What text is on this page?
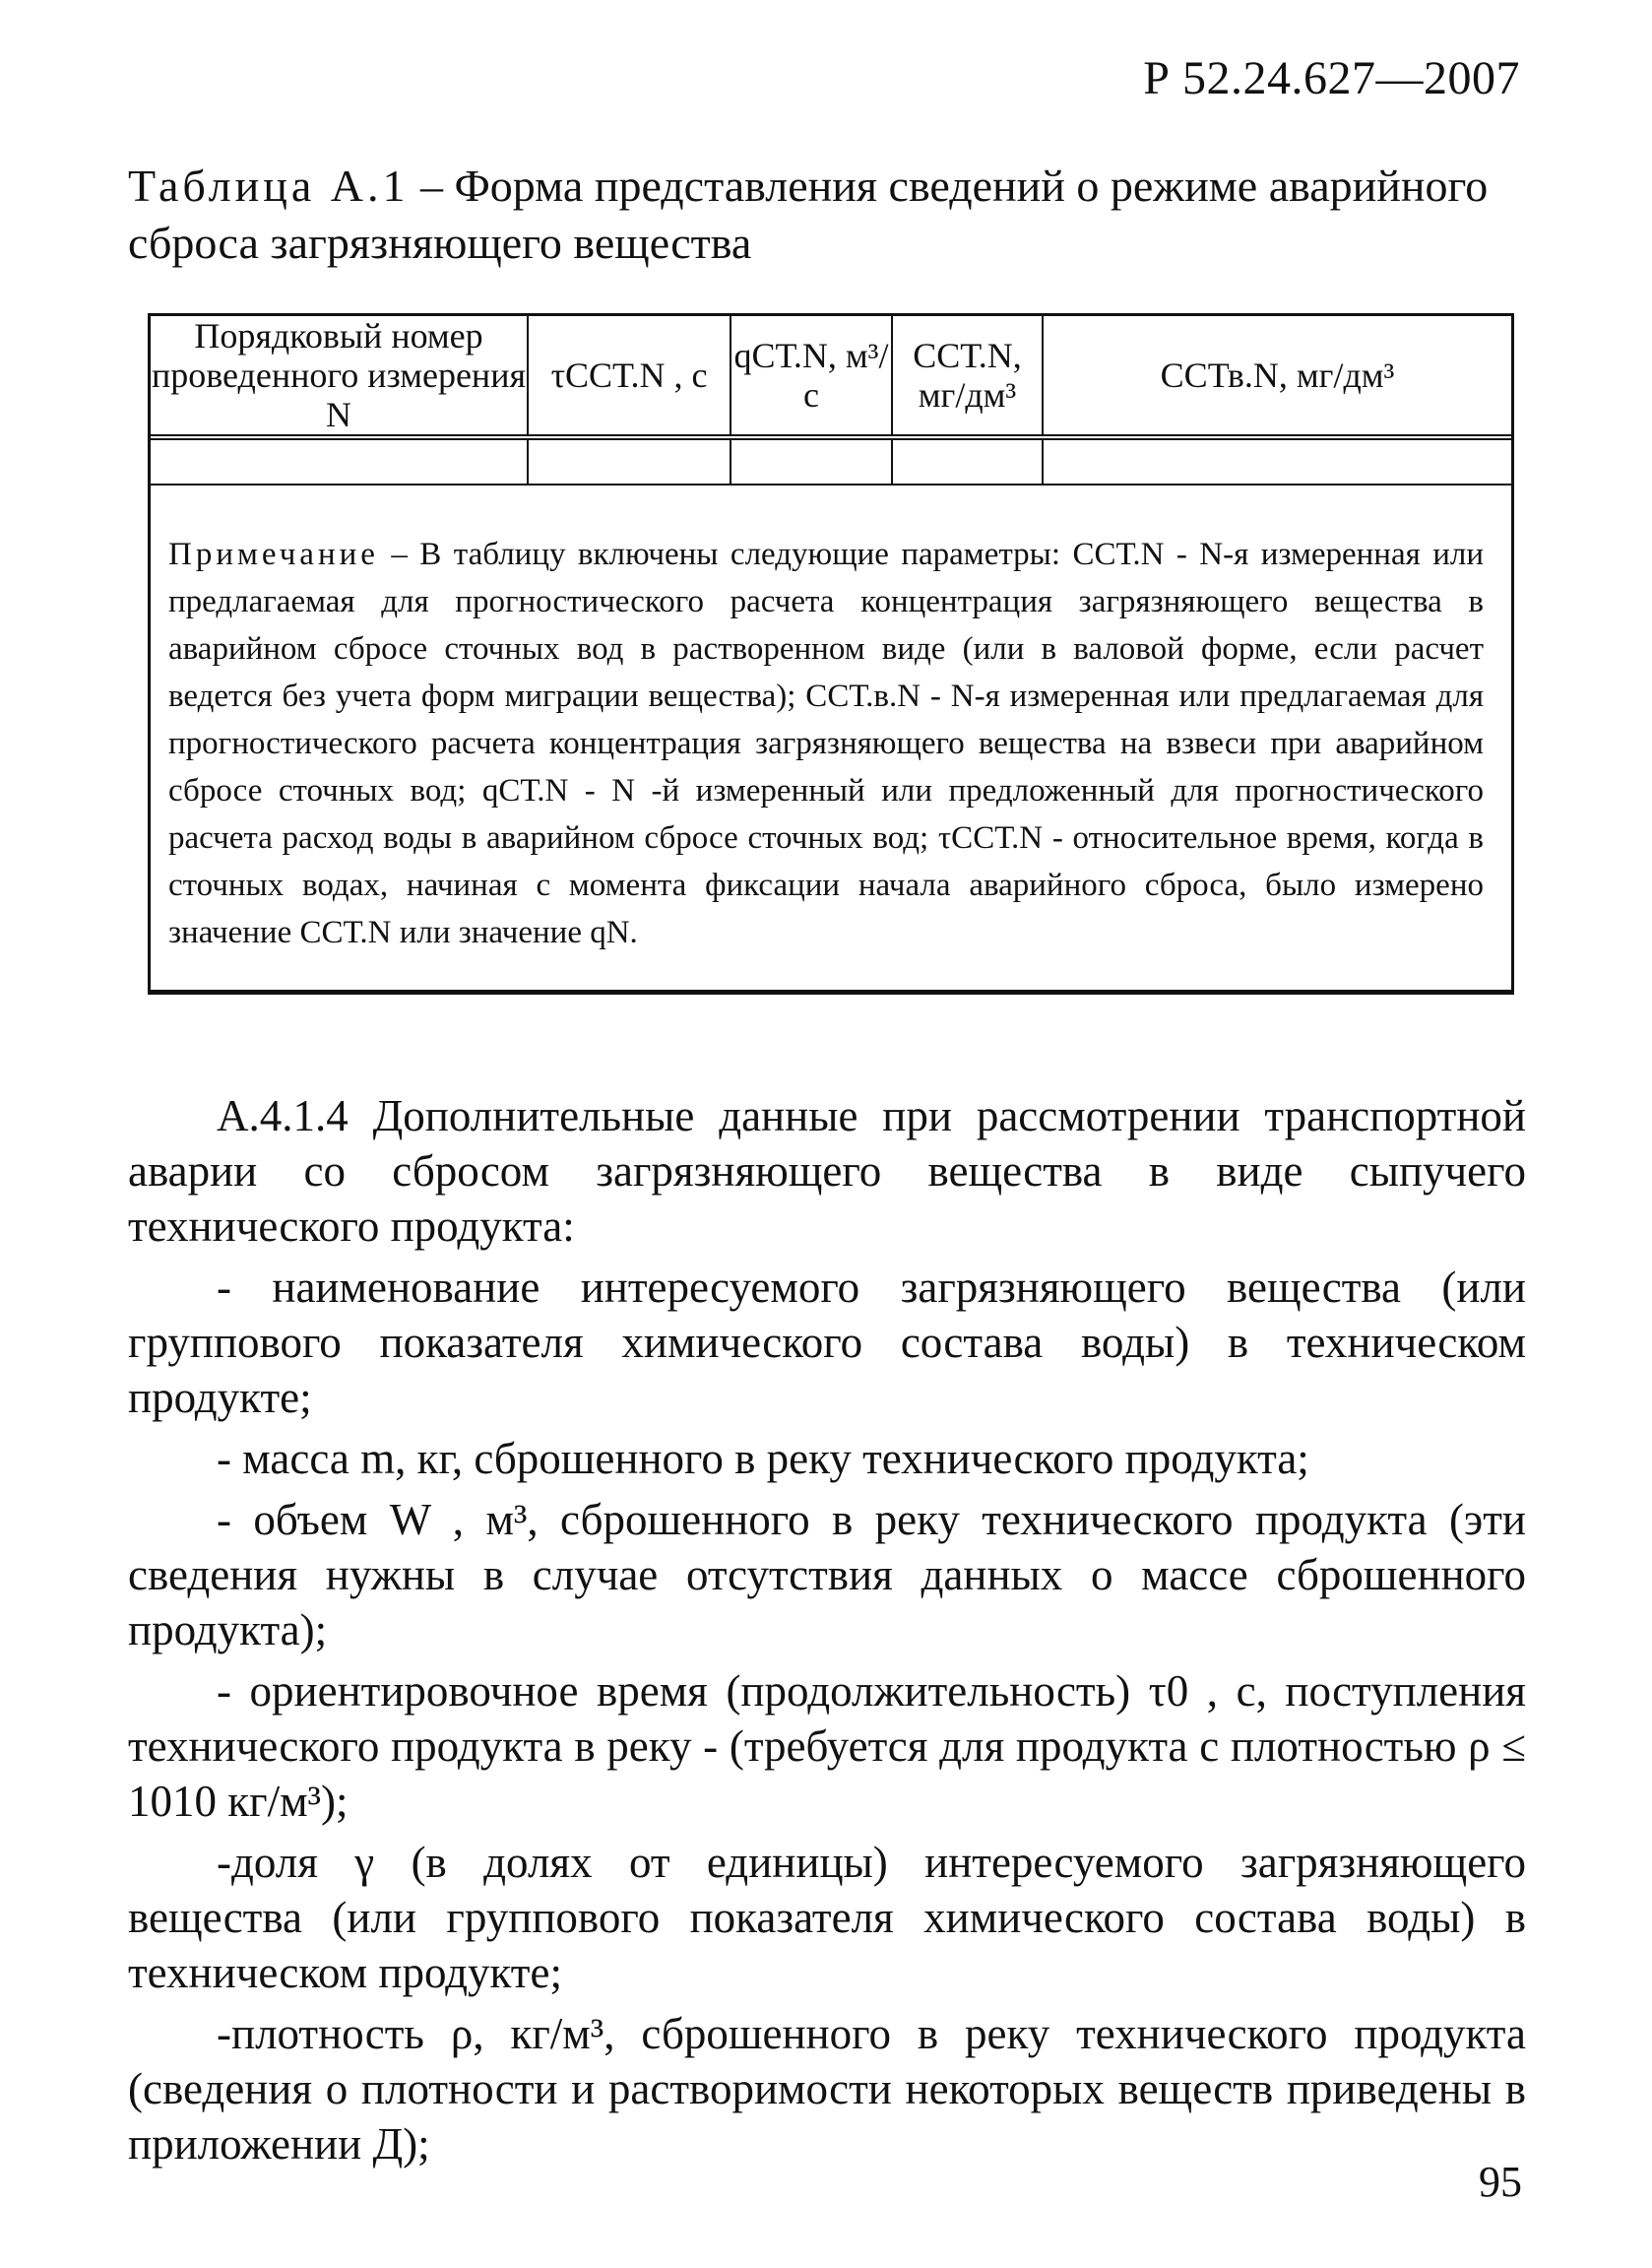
Р 52.24.627—2007
Таблица А.1 – Форма представления сведений о режиме аварийного сброса загрязняющего вещества
Порядковый номер проведенного измерения N	τCСТ.N , с	qСТ.N, м³/с	CСТ.N, мг/дм³	CСТв.N, мг/дм³

Примечание – В таблицу включены следующие параметры: CСТ.N - N-я измеренная или предлагаемая для прогностического расчета концентрация загрязняющего вещества в аварийном сбросе сточных вод в растворенном виде (или в валовой форме, если расчет ведется без учета форм миграции вещества); CСТ.в.N - N-я измеренная или предлагаемая для прогностического расчета концентрация загрязняющего вещества на взвеси при аварийном сбросе сточных вод; qСТ.N - N -й измеренный или предложенный для прогностического расчета расход воды в аварийном сбросе сточных вод; τCСТ.N - относительное время, когда в сточных водах, начиная с момента фиксации начала аварийного сброса, было измерено значение CСТ.N или значение qN.				

А.4.1.4 Дополнительные данные при рассмотрении транспортной аварии со сбросом загрязняющего вещества в виде сыпучего технического продукта:

- наименование интересуемого загрязняющего вещества (или группового показателя химического состава воды) в техническом продукте;

- масса m, кг, сброшенного в реку технического продукта;

- объем W , м³, сброшенного в реку технического продукта (эти сведения нужны в случае отсутствия данных о массе сброшенного продукта);

- ориентировочное время (продолжительность) τ0 , с, поступления технического продукта в реку - (требуется для продукта с плотностью ρ ≤ 1010 кг/м³);

-доля γ (в долях от единицы) интересуемого загрязняющего вещества (или группового показателя химического состава воды) в техническом продукте;

-плотность ρ, кг/м³, сброшенного в реку технического продукта (сведения о плотности и растворимости некоторых веществ приведены в приложении Д);

95
